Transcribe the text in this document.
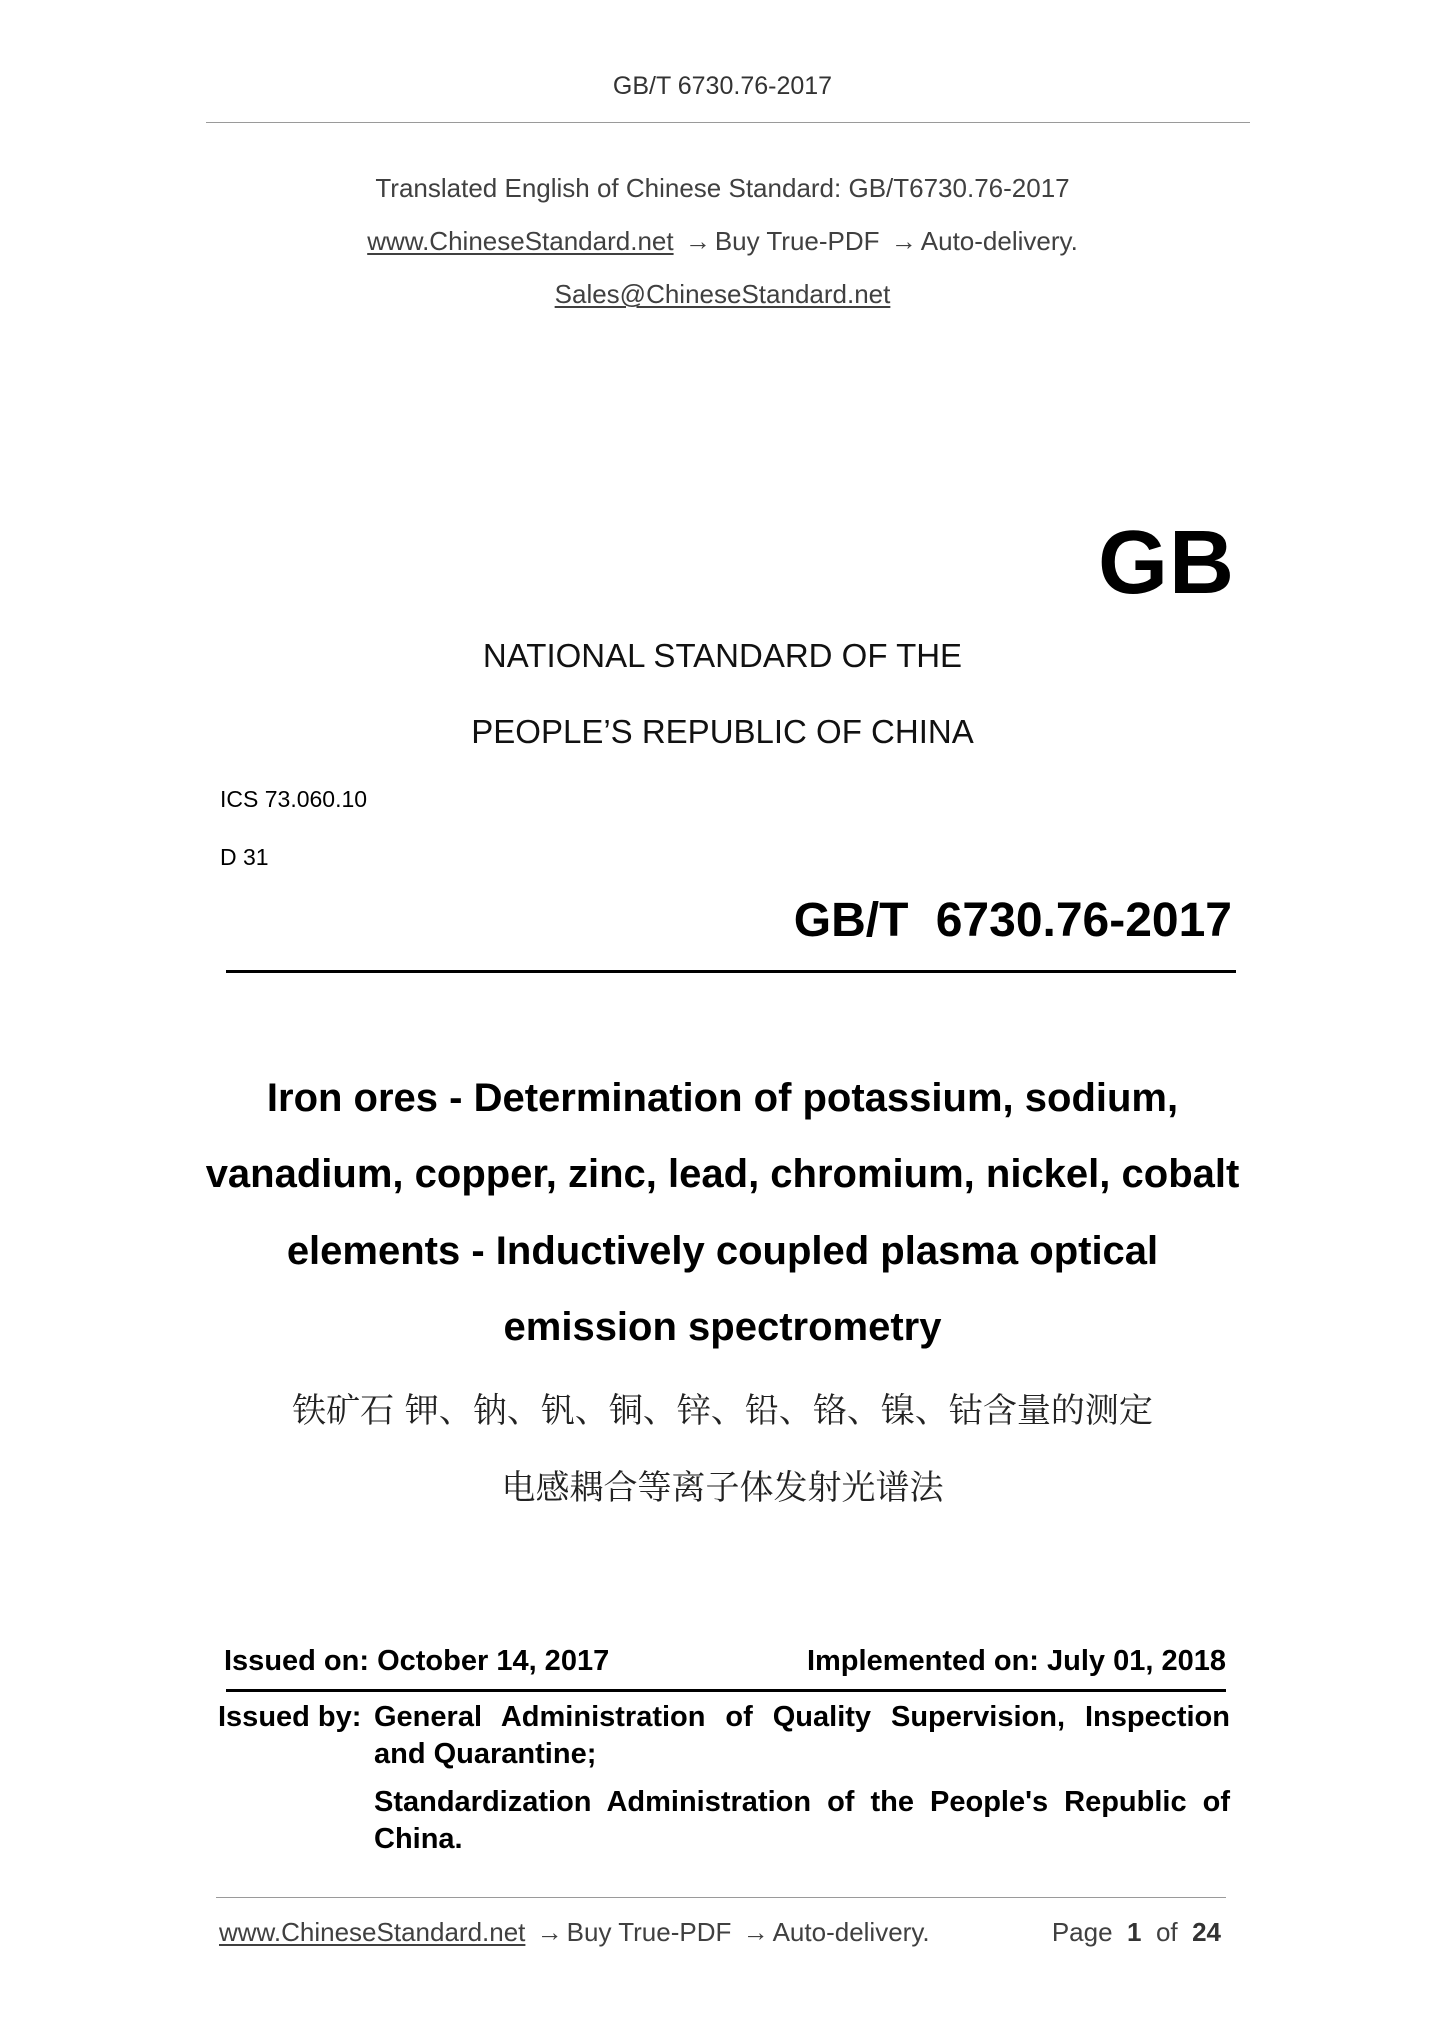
GB/T 6730.76-2017
Translated English of Chinese Standard: GB/T6730.76-2017
www.ChineseStandard.net → Buy True-PDF → Auto-delivery.
Sales@ChineseStandard.net
GB
NATIONAL STANDARD OF THE
PEOPLE’S REPUBLIC OF CHINA
ICS 73.060.10
D 31
GB/T 6730.76-2017
Iron ores - Determination of potassium, sodium,
vanadium, copper, zinc, lead, chromium, nickel, cobalt
elements - Inductively coupled plasma optical
emission spectrometry
铁矿石 钾、钠、钒、铜、锌、铅、铬、镍、钴含量的测定
电感耦合等离子体发射光谱法
Issued on: October 14, 2017	Implemented on: July 01, 2018
Issued by: General Administration of Quality Supervision, Inspection and Quarantine;
Standardization Administration of the People's Republic of China.
www.ChineseStandard.net → Buy True-PDF → Auto-delivery.	Page 1 of 24
